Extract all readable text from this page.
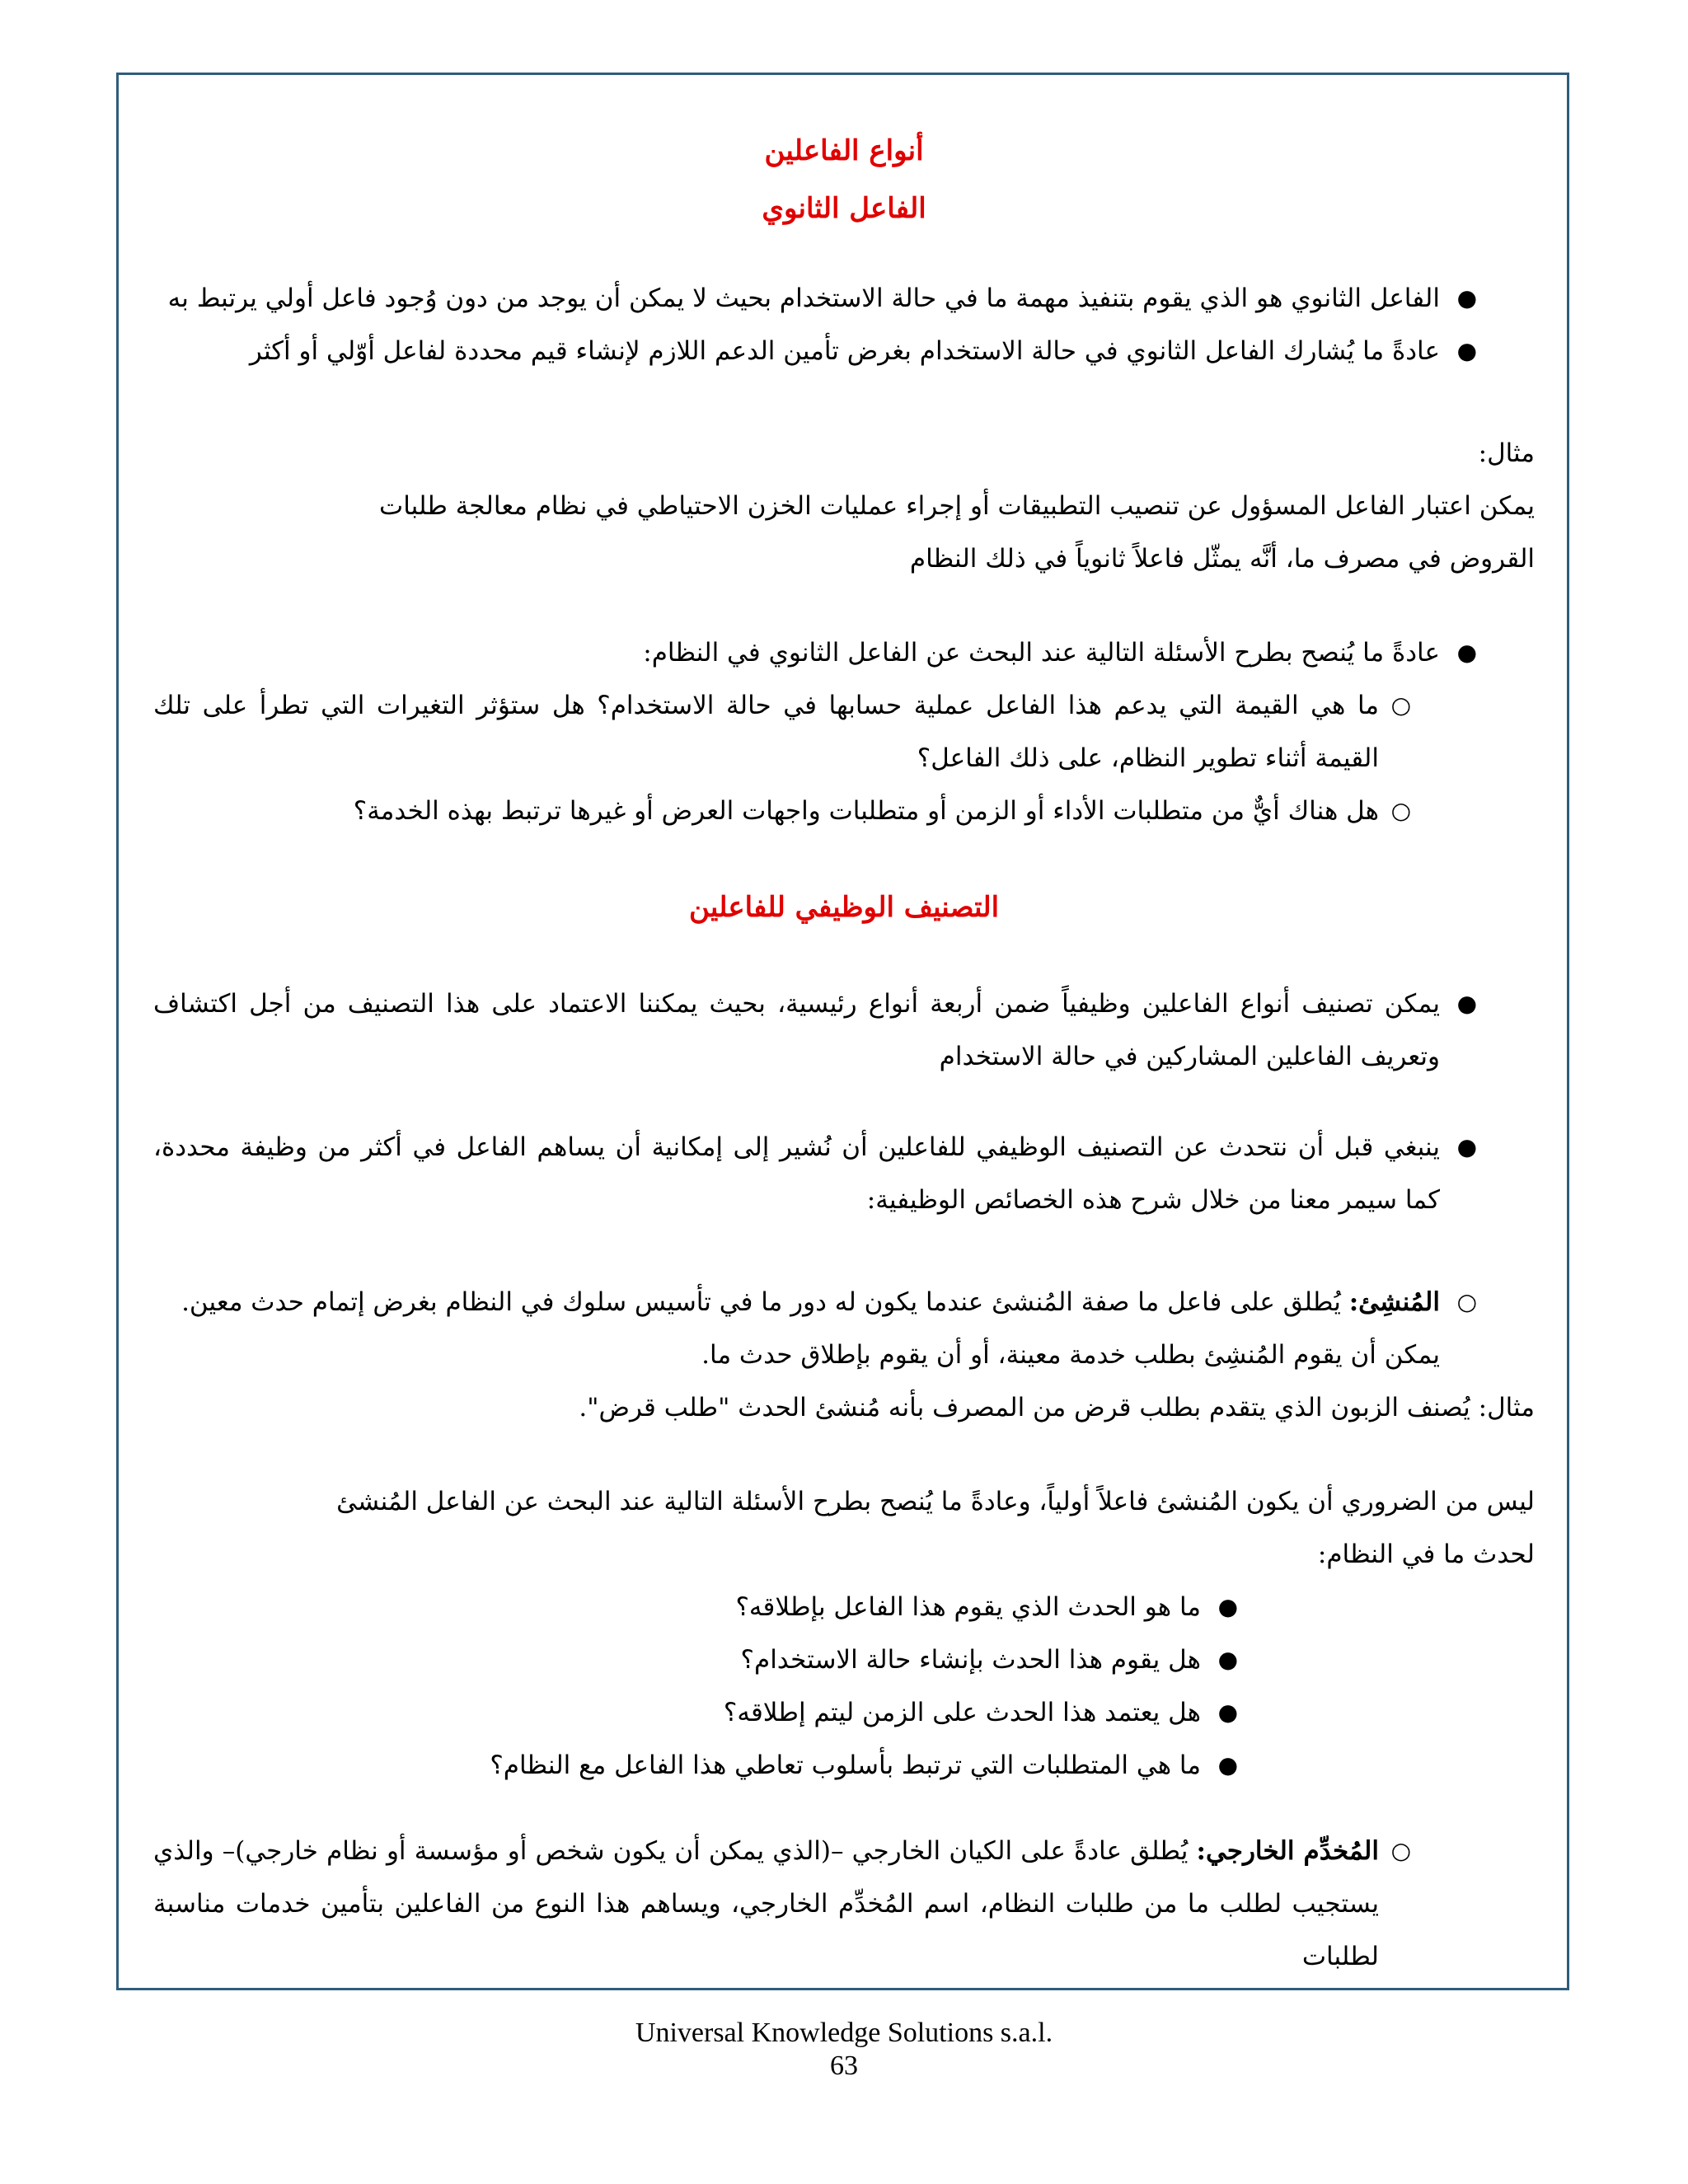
أنواع الفاعلين
الفاعل الثانوي
●
الفاعل الثانوي هو الذي يقوم بتنفيذ مهمة ما في حالة الاستخدام بحيث لا يمكن أن يوجد من دون وُجود فاعل أولي يرتبط به
●
عادةً ما يُشارك الفاعل الثانوي في حالة الاستخدام بغرض تأمين الدعم اللازم لإنشاء قيم محددة لفاعل أوّلي أو أكثر
مثال:
يمكن اعتبار الفاعل المسؤول عن تنصيب التطبيقات أو إجراء عمليات الخزن الاحتياطي في نظام معالجة طلبات
القروض في مصرف ما، أنَّه يمثّل فاعلاً ثانوياً في ذلك النظام
●
عادةً ما يُنصح بطرح الأسئلة التالية عند البحث عن الفاعل الثانوي في النظام:
○
ما هي القيمة التي يدعم هذا الفاعل عملية حسابها في حالة الاستخدام؟ هل ستؤثر التغيرات التي تطرأ على تلك القيمة أثناء تطوير النظام، على ذلك الفاعل؟
○
هل هناك أيٌّ من متطلبات الأداء أو الزمن أو متطلبات واجهات العرض أو غيرها ترتبط بهذه الخدمة؟
التصنيف الوظيفي للفاعلين
●
يمكن تصنيف أنواع الفاعلين وظيفياً ضمن أربعة أنواع رئيسية، بحيث يمكننا الاعتماد على هذا التصنيف من أجل اكتشاف وتعريف الفاعلين المشاركين في حالة الاستخدام
●
ينبغي قبل أن نتحدث عن التصنيف الوظيفي للفاعلين أن نُشير إلى إمكانية أن يساهم الفاعل في أكثر من وظيفة محددة، كما سيمر معنا من خلال شرح هذه الخصائص الوظيفية:
○
المُنشِئ: يُطلق على فاعل ما صفة المُنشئ عندما يكون له دور ما في تأسيس سلوك في النظام بغرض إتمام حدث معين. يمكن أن يقوم المُنشِئ بطلب خدمة معينة، أو أن يقوم بإطلاق حدث ما.
مثال: يُصنف الزبون الذي يتقدم بطلب قرض من المصرف بأنه مُنشئ الحدث "طلب قرض".
ليس من الضروري أن يكون المُنشئ فاعلاً أولياً، وعادةً ما يُنصح بطرح الأسئلة التالية عند البحث عن الفاعل المُنشئ
لحدث ما في النظام:
●
ما هو الحدث الذي يقوم هذا الفاعل بإطلاقه؟
●
هل يقوم هذا الحدث بإنشاء حالة الاستخدام؟
●
هل يعتمد هذا الحدث على الزمن ليتم إطلاقه؟
●
ما هي المتطلبات التي ترتبط بأسلوب تعاطي هذا الفاعل مع النظام؟
○
المُخدِّم الخارجي: يُطلق عادةً على الكيان الخارجي –(الذي يمكن أن يكون شخص أو مؤسسة أو نظام خارجي)– والذي يستجيب لطلب ما من طلبات النظام، اسم المُخدِّم الخارجي، ويساهم هذا النوع من الفاعلين بتأمين خدمات مناسبة لطلبات
Universal Knowledge Solutions s.a.l.
63
